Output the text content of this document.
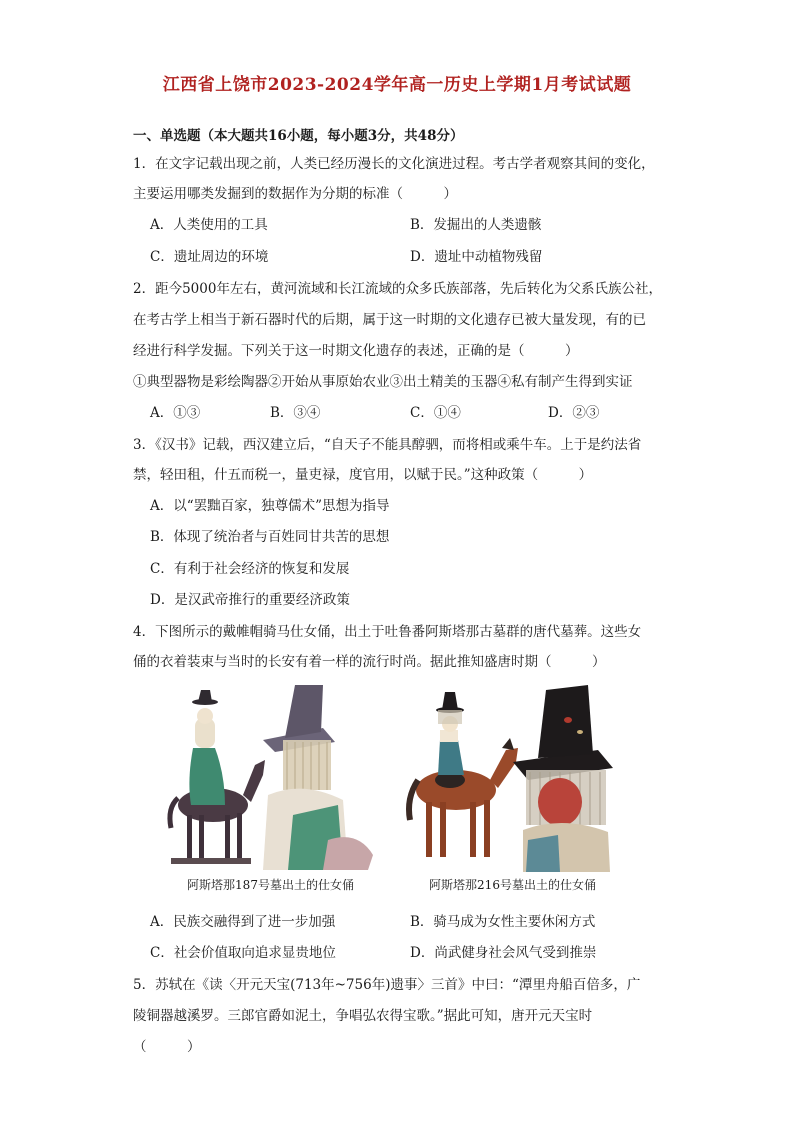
江西省上饶市2023-2024学年高一历史上学期1月考试试题
一、单选题（本大题共16小题，每小题3分，共48分）
1．在文字记载出现之前，人类已经历漫长的文化演进过程。考古学者观察其间的变化，
主要运用哪类发掘到的数据作为分期的标准（　　　）
A．人类使用的工具	B．发掘出的人类遗骸
C．遗址周边的环境	D．遗址中动植物残留
2．距今5000年左右，黄河流域和长江流域的众多氏族部落，先后转化为父系氏族公社，
在考古学上相当于新石器时代的后期，属于这一时期的文化遗存已被大量发现，有的已
经进行科学发掘。下列关于这一时期文化遗存的表述，正确的是（　　　）
①典型器物是彩绘陶器②开始从事原始农业③出土精美的玉器④私有制产生得到实证
A．①③	B．③④	C．①④	D．②③
3．《汉书》记载，西汉建立后，“自天子不能具醇驷，而将相或乘牛车。上于是约法省
禁，轻田租，什五而税一，量吏禄，度官用，以赋于民。”这种政策（　　　）
A．以“罢黜百家，独尊儒术”思想为指导
B．体现了统治者与百姓同甘共苦的思想
C．有利于社会经济的恢复和发展
D．是汉武帝推行的重要经济政策
4．下图所示的戴帷帽骑马仕女俑，出土于吐鲁番阿斯塔那古墓群的唐代墓葬。这些女
俑的衣着装束与当时的长安有着一样的流行时尚。据此推知盛唐时期（　　　）
阿斯塔那187号墓出土的仕女俑	阿斯塔那216号墓出土的仕女俑
A．民族交融得到了进一步加强	B．骑马成为女性主要休闲方式
C．社会价值取向追求显贵地位	D．尚武健身社会风气受到推崇
5．苏轼在《读〈开元天宝(713年~756年)遗事〉三首》中曰：“潭里舟船百倍多，广
陵铜器越溪罗。三郎官爵如泥土，争唱弘农得宝歌。”据此可知，唐开元天宝时
（　　　）
